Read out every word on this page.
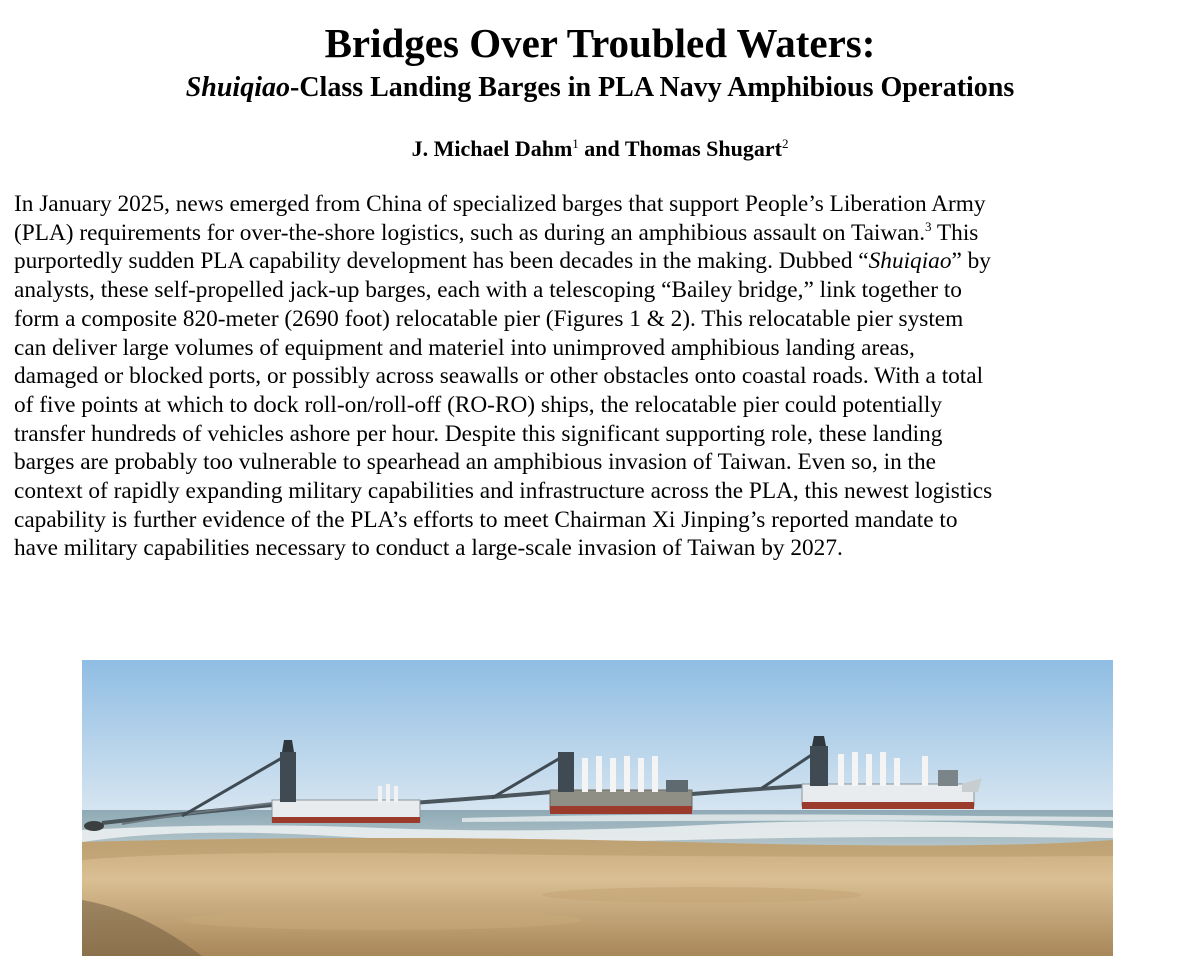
Bridges Over Troubled Waters:
Shuiqiao-Class Landing Barges in PLA Navy Amphibious Operations
J. Michael Dahm$^1$ and Thomas Shugart$^2$

In January 2025, news emerged from China of specialized barges that support People’s Liberation Army
(PLA) requirements for over-the-shore logistics, such as during an amphibious assault on Taiwan.$^3$ This
purportedly sudden PLA capability development has been decades in the making. Dubbed “Shuiqiao” by
analysts, these self-propelled jack-up barges, each with a telescoping “Bailey bridge,” link together to
form a composite 820-meter (2690 foot) relocatable pier (Figures 1 & 2). This relocatable pier system
can deliver large volumes of equipment and materiel into unimproved amphibious landing areas,
damaged or blocked ports, or possibly across seawalls or other obstacles onto coastal roads. With a total
of five points at which to dock roll-on/roll-off (RO-RO) ships, the relocatable pier could potentially
transfer hundreds of vehicles ashore per hour. Despite this significant supporting role, these landing
barges are probably too vulnerable to spearhead an amphibious invasion of Taiwan. Even so, in the
context of rapidly expanding military capabilities and infrastructure across the PLA, this newest logistics
capability is further evidence of the PLA’s efforts to meet Chairman Xi Jinping’s reported mandate to
have military capabilities necessary to conduct a large-scale invasion of Taiwan by 2027.
